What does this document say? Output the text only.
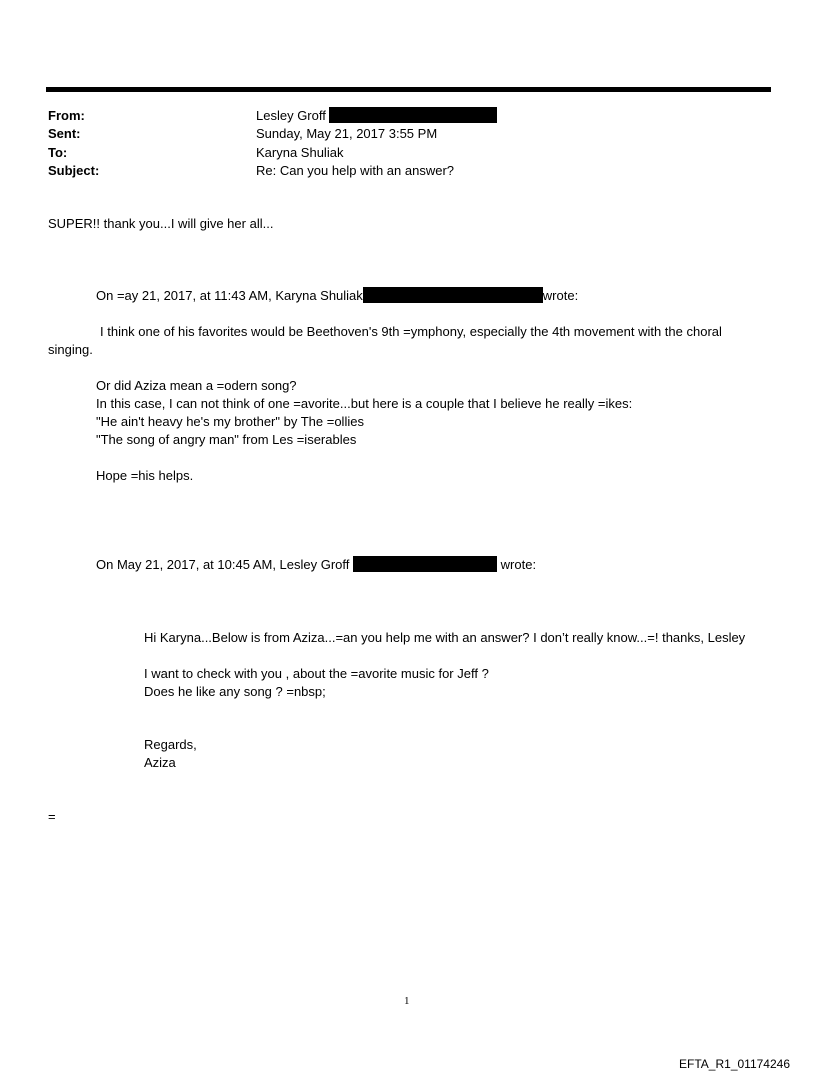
From:	Lesley Groff
Sent:	Sunday, May 21, 2017 3:55 PM
To:	Karyna Shuliak
Subject:	Re: Can you help with an answer?
SUPER!! thank you...I will give her all...
On =ay 21, 2017, at 11:43 AM, Karyna Shuliak	wrote:
I think one of his favorites would be Beethoven's 9th =ymphony, especially the 4th movement with the choral
singing.
Or did Aziza mean a =odern song?
In this case, I can not think of one =avorite...but here is a couple that I believe he really =ikes:
"He ain't heavy he's my brother" by The =ollies
"The song of angry man" from Les =iserables
Hope =his helps.
On May 21, 2017, at 10:45 AM, Lesley Groff	wrote:
Hi Karyna...Below is from Aziza...=an you help me with an answer? I don’t really know...=! thanks, Lesley
I want to check with you , about the =avorite music for Jeff ?
Does he like any song ? =nbsp;
Regards,
Aziza
=
1
EFTA_R1_01174246
